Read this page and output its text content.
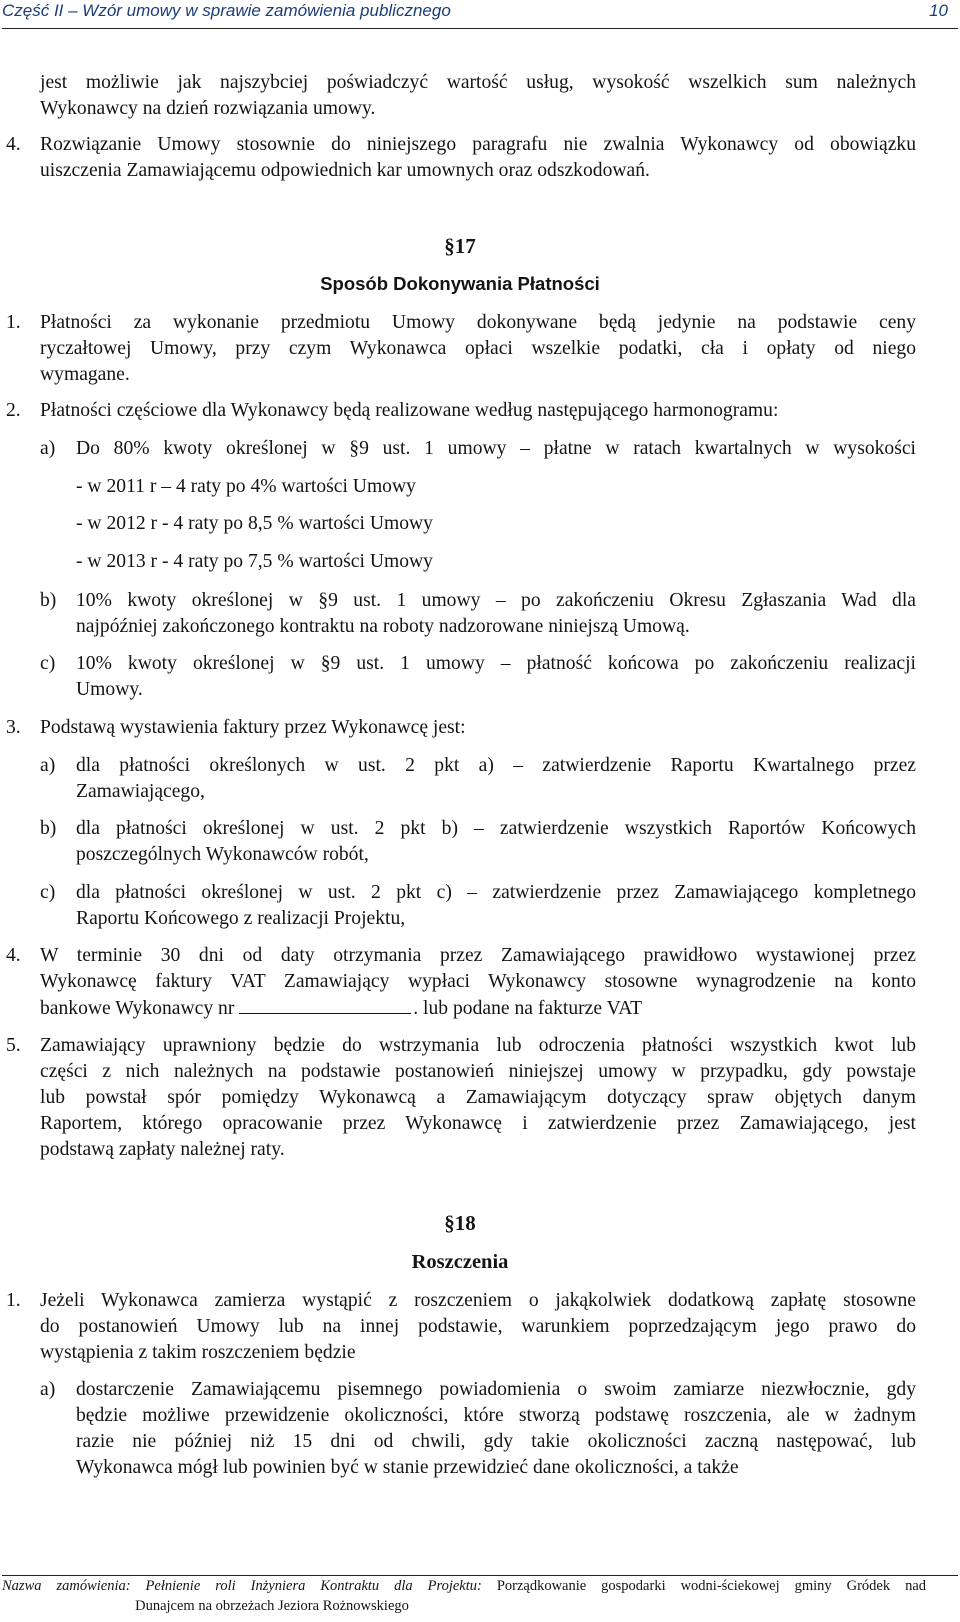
Część II – Wzór umowy w sprawie zamówienia publicznego	10
jest możliwie jak najszybciej poświadczyć wartość usług, wysokość wszelkich sum należnych
Wykonawcy na dzień rozwiązania umowy.
4. Rozwiązanie Umowy stosownie do niniejszego paragrafu nie zwalnia Wykonawcy od obowiązku
uiszczenia Zamawiającemu odpowiednich kar umownych oraz odszkodowań.
§17
Sposób Dokonywania Płatności
1. Płatności za wykonanie przedmiotu Umowy dokonywane będą jedynie na podstawie ceny
ryczałtowej Umowy, przy czym Wykonawca opłaci wszelkie podatki, cła i opłaty od niego
wymagane.
2. Płatności częściowe dla Wykonawcy będą realizowane według następującego harmonogramu:
a) Do 80% kwoty określonej w §9 ust. 1 umowy – płatne w ratach kwartalnych w wysokości
- w 2011 r – 4 raty po 4% wartości Umowy
- w 2012 r - 4 raty po 8,5 % wartości Umowy
- w 2013 r - 4 raty po 7,5 % wartości Umowy
b) 10% kwoty określonej w §9 ust. 1 umowy – po zakończeniu Okresu Zgłaszania Wad dla
najpóźniej zakończonego kontraktu na roboty nadzorowane niniejszą Umową.
c) 10% kwoty określonej w §9 ust. 1 umowy – płatność końcowa po zakończeniu realizacji
Umowy.
3. Podstawą wystawienia faktury przez Wykonawcę jest:
a) dla płatności określonych w ust. 2 pkt a) – zatwierdzenie Raportu Kwartalnego przez
Zamawiającego,
b) dla płatności określonej w ust. 2 pkt b) – zatwierdzenie wszystkich Raportów Końcowych
poszczególnych Wykonawców robót,
c) dla płatności określonej w ust. 2 pkt c) – zatwierdzenie przez Zamawiającego kompletnego
Raportu Końcowego z realizacji Projektu,
4. W terminie 30 dni od daty otrzymania przez Zamawiającego prawidłowo wystawionej przez
Wykonawcę faktury VAT Zamawiający wypłaci Wykonawcy stosowne wynagrodzenie na konto
bankowe Wykonawcy nr	. lub podane na fakturze VAT
5. Zamawiający uprawniony będzie do wstrzymania lub odroczenia płatności wszystkich kwot lub
części z nich należnych na podstawie postanowień niniejszej umowy w przypadku, gdy powstaje
lub powstał spór pomiędzy Wykonawcą a Zamawiającym dotyczący spraw objętych danym
Raportem, którego opracowanie przez Wykonawcę i zatwierdzenie przez Zamawiającego, jest
podstawą zapłaty należnej raty.
§18
Roszczenia
1. Jeżeli Wykonawca zamierza wystąpić z roszczeniem o jakąkolwiek dodatkową zapłatę stosowne
do postanowień Umowy lub na innej podstawie, warunkiem poprzedzającym jego prawo do
wystąpienia z takim roszczeniem będzie
a) dostarczenie Zamawiającemu pisemnego powiadomienia o swoim zamiarze niezwłocznie, gdy
będzie możliwe przewidzenie okoliczności, które stworzą podstawę roszczenia, ale w żadnym
razie nie później niż 15 dni od chwili, gdy takie okoliczności zaczną następować, lub
Wykonawca mógł lub powinien być w stanie przewidzieć dane okoliczności, a także
Nazwa zamówienia: Pełnienie roli Inżyniera Kontraktu dla Projektu: Porządkowanie gospodarki wodni-ściekowej gminy Gródek nad
Dunajcem na obrzeżach Jeziora Rożnowskiego
